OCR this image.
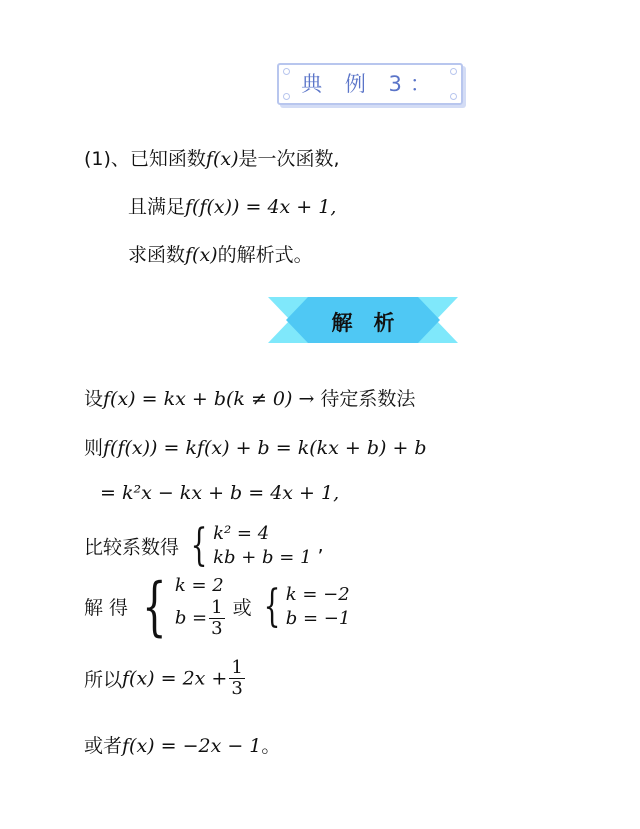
典 例 3：
(1)、已知函数f(x)是一次函数,
且满足f(f(x)) = 4x + 1,
求函数f(x)的解析式。
解　析
设f(x) = kx + b(k ≠ 0) → 待定系数法
则f(f(x)) = kf(x) + b = k(kx + b) + b
= k²x − kx + b = 4x + 1,
比较系数得 { k² = 4
kb + b = 1
,
解 得 { k = 2
$b = \frac{1}{3}$ 或 { k = −2
b = −1
所以$f(x) = 2x + \frac{1}{3}$
或者f(x) = −2x − 1。
